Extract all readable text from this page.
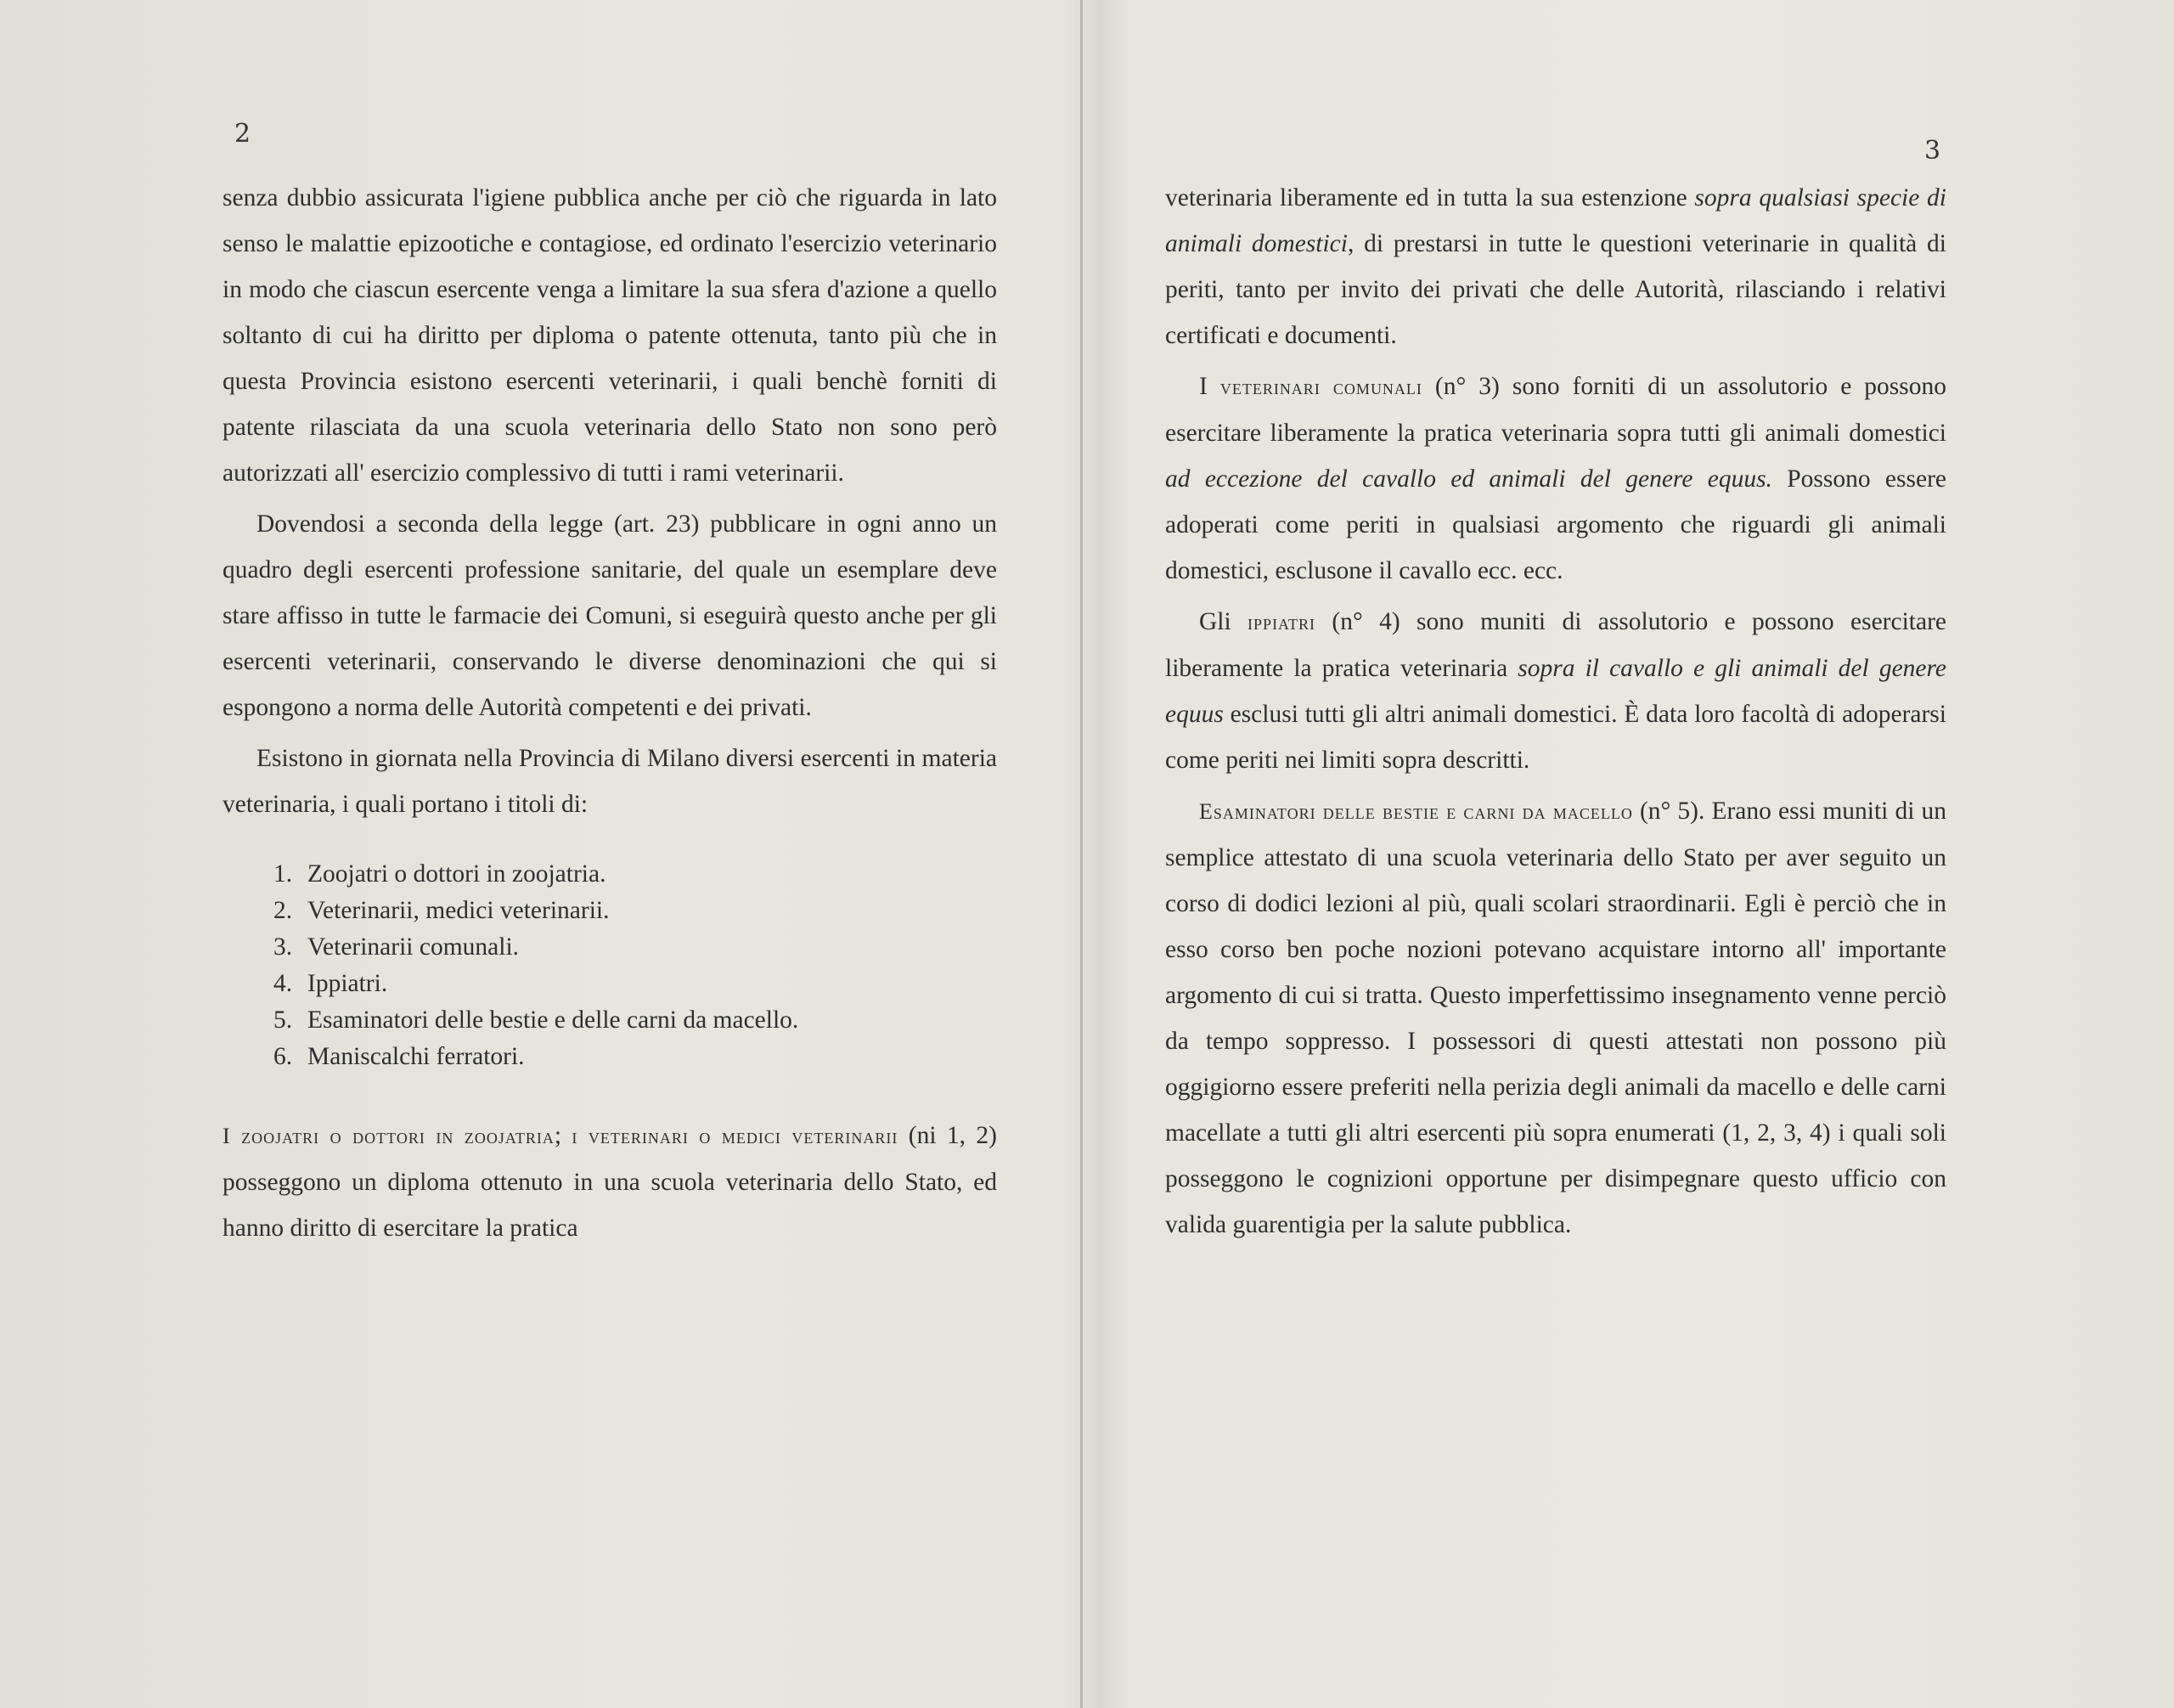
2

senza dubbio assicurata l'igiene pubblica anche per ciò che riguarda in lato senso le malattie epizootiche e contagiose, ed ordinato l'esercizio veterinario in modo che ciascun esercente venga a limitare la sua sfera d'azione a quello soltanto di cui ha diritto per diploma o patente ottenuta, tanto più che in questa Provincia esistono esercenti veterinarii, i quali benchè forniti di patente rilasciata da una scuola veterinaria dello Stato non sono però autorizzati all' esercizio complessivo di tutti i rami veterinarii.

Dovendosi a seconda della legge (art. 23) pubblicare in ogni anno un quadro degli esercenti professione sanitarie, del quale un esemplare deve stare affisso in tutte le farmacie dei Comuni, si eseguirà questo anche per gli esercenti veterinarii, conservando le diverse denominazioni che qui si espongono a norma delle Autorità competenti e dei privati.

Esistono in giornata nella Provincia di Milano diversi esercenti in materia veterinaria, i quali portano i titoli di:

1. Zoojatri o dottori in zoojatria.
2. Veterinarii, medici veterinarii.
3. Veterinarii comunali.
4. Ippiatri.
5. Esaminatori delle bestie e delle carni da macello.
6. Maniscalchi ferratori.

I zoojatri o dottori in zoojatria; i veterinari o medici veterinarii (ni 1, 2) posseggono un diploma ottenuto in una scuola veterinaria dello Stato, ed hanno diritto di esercitare la pratica

3

veterinaria liberamente ed in tutta la sua estenzione sopra qualsiasi specie di animali domestici, di prestarsi in tutte le questioni veterinarie in qualità di periti, tanto per invito dei privati che delle Autorità, rilasciando i relativi certificati e documenti.

I veterinari comunali (n° 3) sono forniti di un assolutorio e possono esercitare liberamente la pratica veterinaria sopra tutti gli animali domestici ad eccezione del cavallo ed animali del genere equus. Possono essere adoperati come periti in qualsiasi argomento che riguardi gli animali domestici, esclusone il cavallo ecc. ecc.

Gli ippiatri (n° 4) sono muniti di assolutorio e possono esercitare liberamente la pratica veterinaria sopra il cavallo e gli animali del genere equus esclusi tutti gli altri animali domestici. È data loro facoltà di adoperarsi come periti nei limiti sopra descritti.

Esaminatori delle bestie e carni da macello (n° 5). Erano essi muniti di un semplice attestato di una scuola veterinaria dello Stato per aver seguito un corso di dodici lezioni al più, quali scolari straordinarii. Egli è perciò che in esso corso ben poche nozioni potevano acquistare intorno all' importante argomento di cui si tratta. Questo imperfettissimo insegnamento venne perciò da tempo soppresso. I possessori di questi attestati non possono più oggigiorno essere preferiti nella perizia degli animali da macello e delle carni macellate a tutti gli altri esercenti più sopra enumerati (1, 2, 3, 4) i quali soli posseggono le cognizioni opportune per disimpegnare questo ufficio con valida guarentigia per la salute pubblica.
